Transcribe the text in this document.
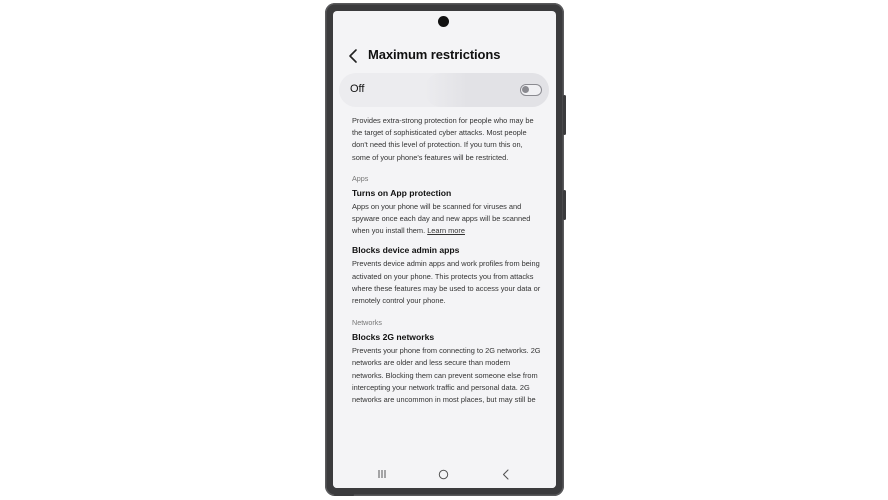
Maximum restrictions
Off

Provides extra-strong protection for people who may be the target of sophisticated cyber attacks. Most people don't need this level of protection. If you turn this on, some of your phone's features will be restricted.

Apps

Turns on App protection

Apps on your phone will be scanned for viruses and spyware once each day and new apps will be scanned when you install them. Learn more

Blocks device admin apps

Prevents device admin apps and work profiles from being activated on your phone. This protects you from attacks where these features may be used to access your data or remotely control your phone.

Networks

Blocks 2G networks

Prevents your phone from connecting to 2G networks. 2G networks are older and less secure than modern networks. Blocking them can prevent someone else from intercepting your network traffic and personal data. 2G networks are uncommon in most places, but may still be
